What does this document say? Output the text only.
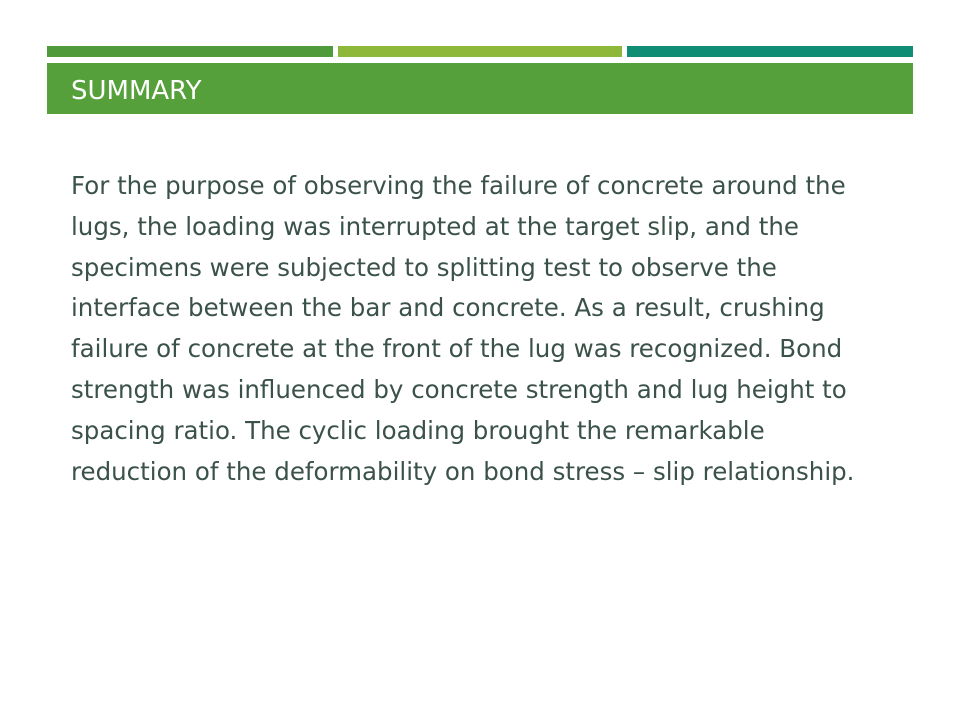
SUMMARY

For the purpose of observing the failure of concrete around the lugs, the loading was interrupted at the target slip, and the specimens were subjected to splitting test to observe the interface between the bar and concrete. As a result, crushing failure of concrete at the front of the lug was recognized. Bond strength was influenced by concrete strength and lug height to spacing ratio. The cyclic loading brought the remarkable reduction of the deformability on bond stress – slip relationship.
